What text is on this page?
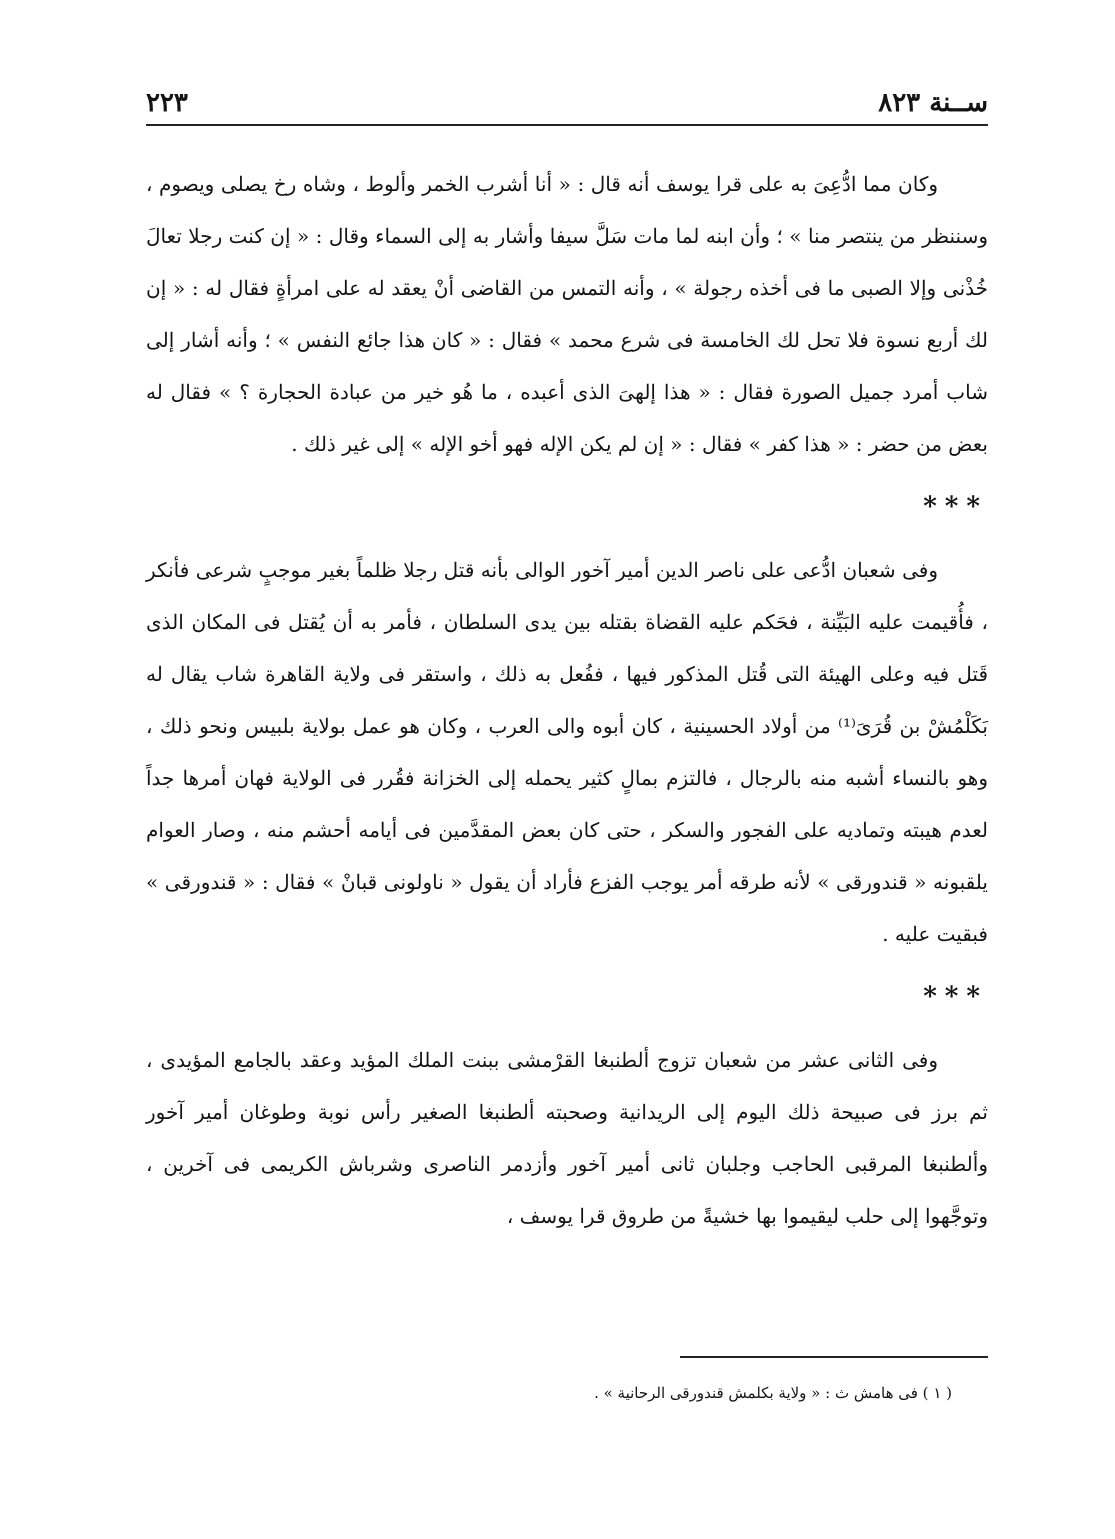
ســنة ٨٢٣
٢٢٣

وكان مما ادُّعِىَ به على قرا يوسف أنه قال : « أنا أشرب الخمر وألوط ، وشاه رخ يصلى ويصوم ، وسننظر من ينتصر منا » ؛ وأن ابنه لما مات سَلَّ سيفا وأشار به إلى السماء وقال : « إن كنت رجلا تعالَ خُذْنى وإلا الصبى ما فى أخذه رجولة » ، وأنه التمس من القاضى أنْ يعقد له على امرأةٍ فقال له : « إن لك أربع نسوة فلا تحل لك الخامسة فى شرع محمد » فقال : « كان هذا جائع النفس » ؛ وأنه أشار إلى شاب أمرد جميل الصورة فقال : « هذا إلهىَ الذى أعبده ، ما هُو خير من عبادة الحجارة ؟ » فقال له بعض من حضر : « هذا كفر » فقال : « إن لم يكن الإله فهو أخو الإله » إلى غير ذلك .

***

وفى شعبان ادُّعى على ناصر الدين أمير آخور الوالى بأنه قتل رجلا ظلماً بغير موجبٍ شرعى فأنكر ، فأُقيمت عليه البَيِّنة ، فحَكم عليه القضاة بقتله بين يدى السلطان ، فأمر به أن يُقتل فى المكان الذى قَتل فيه وعلى الهيئة التى قُتل المذكور فيها ، ففُعل به ذلك ، واستقر فى ولاية القاهرة شاب يقال له بَكَلْمُشْ بن قُرَىَ⁽¹⁾ من أولاد الحسينية ، كان أبوه والى العرب ، وكان هو عمل بولاية بلبيس ونحو ذلك ، وهو بالنساء أشبه منه بالرجال ، فالتزم بمالٍ كثير يحمله إلى الخزانة فقُرر فى الولاية فهان أمرها جداً لعدم هيبته وتماديه على الفجور والسكر ، حتى كان بعض المقدَّمين فى أيامه أحشم منه ، وصار العوام يلقبونه « قندورقى » لأنه طرقه أمر يوجب الفزع فأراد أن يقول « ناولونى قبانْ » فقال : « قندورقى » فبقيت عليه .

***

وفى الثانى عشر من شعبان تزوج ألطنبغا القرْمشى ببنت الملك المؤيد وعقد بالجامع المؤيدى ، ثم برز فى صبيحة ذلك اليوم إلى الريدانية وصحبته ألطنبغا الصغير رأس نوبة وطوغان أمير آخور وألطنبغا المرقبى الحاجب وجلبان ثانى أمير آخور وأزدمر الناصرى وشرباش الكريمى فى آخرين ، وتوجَّهوا إلى حلب ليقيموا بها خشيةً من طروق قرا يوسف ،

( ١ ) فى هامش ث : « ولاية بكلمش قندورقى الرحانية » .
